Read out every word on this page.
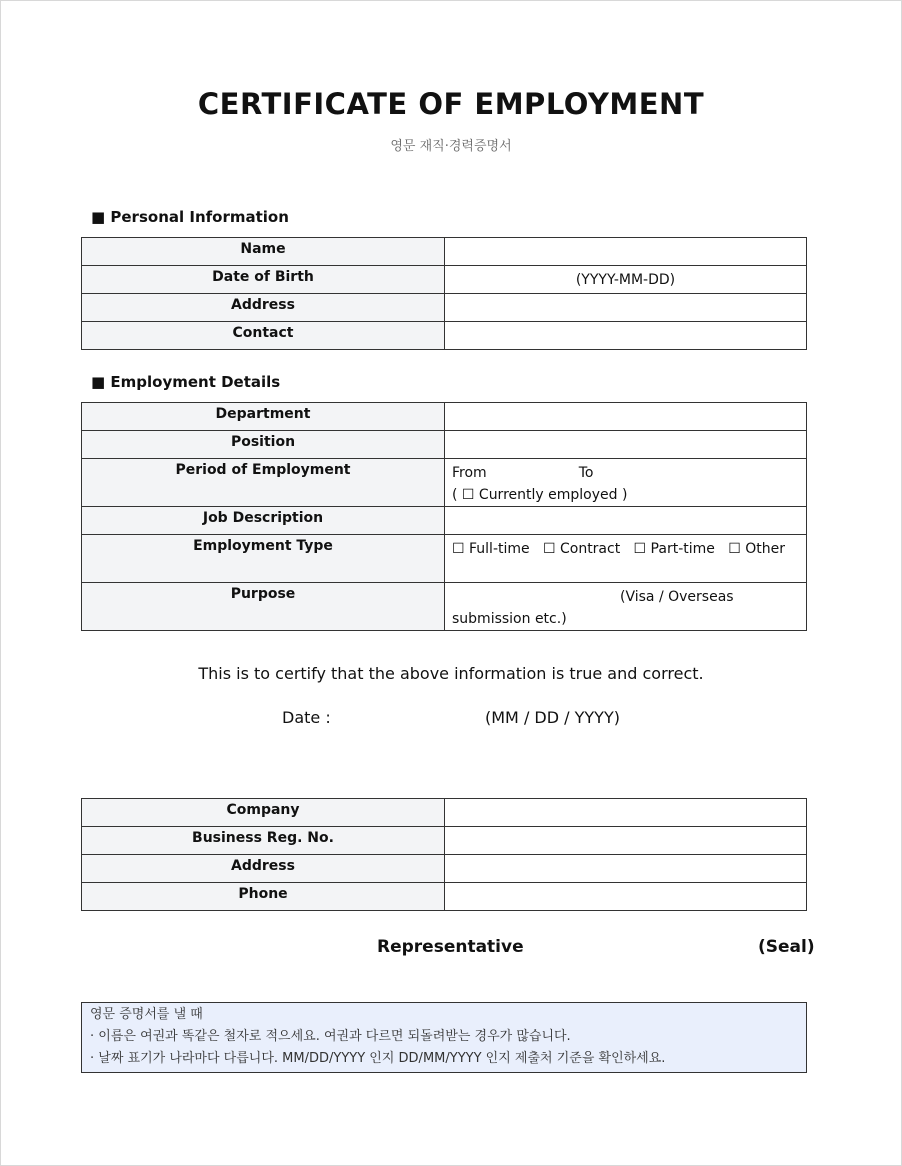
CERTIFICATE OF EMPLOYMENT
영문 재직·경력증명서
■ Personal Information
Name	
Date of Birth	(YYYY-MM-DD)
Address	
Contact	
■ Employment Details
Department	
Position	
Period of Employment	From To
( ☐ Currently employed )

Job Description	
Employment Type	☐ Full-time   ☐ Contract   ☐ Part-time   ☐ Other
Purpose	(Visa / Overseas submission etc.)
This is to certify that the above information is true and correct.
Date :	(MM / DD / YYYY)
Company	
Business Reg. No.	
Address	
Phone	
Representative	(Seal)
영문 증명서를 낼 때
· 이름은 여권과 똑같은 철자로 적으세요. 여권과 다르면 되돌려받는 경우가 많습니다.
· 날짜 표기가 나라마다 다릅니다. MM/DD/YYYY 인지 DD/MM/YYYY 인지 제출처 기준을 확인하세요.
